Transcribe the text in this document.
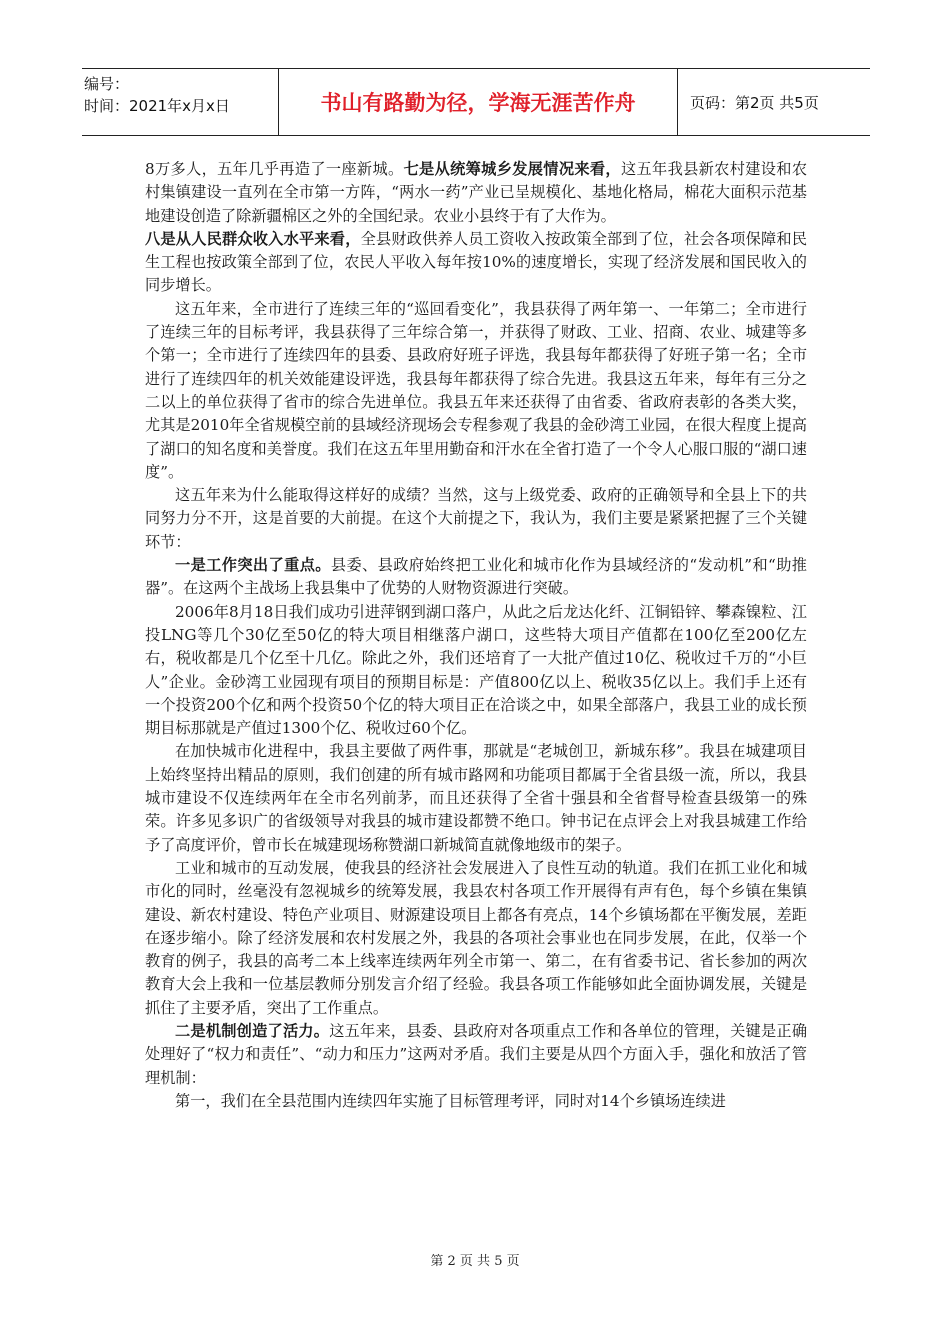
编号：
时间：2021年x月x日	书山有路勤为径，学海无涯苦作舟	页码：第2页 共5页

8万多人，五年几乎再造了一座新城。七是从统筹城乡发展情况来看，这五年我县新农村建设和农村集镇建设一直列在全市第一方阵，“两水一药”产业已呈规模化、基地化格局，棉花大面积示范基地建设创造了除新疆棉区之外的全国纪录。农业小县终于有了大作为。

八是从人民群众收入水平来看，全县财政供养人员工资收入按政策全部到了位，社会各项保障和民生工程也按政策全部到了位，农民人平收入每年按10%的速度增长，实现了经济发展和国民收入的同步增长。

这五年来，全市进行了连续三年的“巡回看变化”，我县获得了两年第一、一年第二；全市进行了连续三年的目标考评，我县获得了三年综合第一，并获得了财政、工业、招商、农业、城建等多个第一；全市进行了连续四年的县委、县政府好班子评选，我县每年都获得了好班子第一名；全市进行了连续四年的机关效能建设评选，我县每年都获得了综合先进。我县这五年来，每年有三分之二以上的单位获得了省市的综合先进单位。我县五年来还获得了由省委、省政府表彰的各类大奖，尤其是2010年全省规模空前的县域经济现场会专程参观了我县的金砂湾工业园，在很大程度上提高了湖口的知名度和美誉度。我们在这五年里用勤奋和汗水在全省打造了一个令人心服口服的“湖口速度”。

这五年来为什么能取得这样好的成绩？当然，这与上级党委、政府的正确领导和全县上下的共同努力分不开，这是首要的大前提。在这个大前提之下，我认为，我们主要是紧紧把握了三个关键环节：

一是工作突出了重点。县委、县政府始终把工业化和城市化作为县域经济的“发动机”和“助推器”。在这两个主战场上我县集中了优势的人财物资源进行突破。

2006年8月18日我们成功引进萍钢到湖口落户，从此之后龙达化纤、江铜铅锌、攀森镍粒、江投LNG等几个30亿至50亿的特大项目相继落户湖口，这些特大项目产值都在100亿至200亿左右，税收都是几个亿至十几亿。除此之外，我们还培育了一大批产值过10亿、税收过千万的“小巨人”企业。金砂湾工业园现有项目的预期目标是：产值800亿以上、税收35亿以上。我们手上还有一个投资200个亿和两个投资50个亿的特大项目正在洽谈之中，如果全部落户，我县工业的成长预期目标那就是产值过1300个亿、税收过60个亿。

在加快城市化进程中，我县主要做了两件事，那就是“老城创卫，新城东移”。我县在城建项目上始终坚持出精品的原则，我们创建的所有城市路网和功能项目都属于全省县级一流，所以，我县城市建设不仅连续两年在全市名列前茅，而且还获得了全省十强县和全省督导检查县级第一的殊荣。许多见多识广的省级领导对我县的城市建设都赞不绝口。钟书记在点评会上对我县城建工作给予了高度评价，曾市长在城建现场称赞湖口新城简直就像地级市的架子。

工业和城市的互动发展，使我县的经济社会发展进入了良性互动的轨道。我们在抓工业化和城市化的同时，丝毫没有忽视城乡的统筹发展，我县农村各项工作开展得有声有色，每个乡镇在集镇建设、新农村建设、特色产业项目、财源建设项目上都各有亮点，14个乡镇场都在平衡发展，差距在逐步缩小。除了经济发展和农村发展之外，我县的各项社会事业也在同步发展，在此，仅举一个教育的例子，我县的高考二本上线率连续两年列全市第一、第二，在有省委书记、省长参加的两次教育大会上我和一位基层教师分别发言介绍了经验。我县各项工作能够如此全面协调发展，关键是抓住了主要矛盾，突出了工作重点。

二是机制创造了活力。这五年来，县委、县政府对各项重点工作和各单位的管理，关键是正确处理好了“权力和责任”、“动力和压力”这两对矛盾。我们主要是从四个方面入手，强化和放活了管理机制：

第一，我们在全县范围内连续四年实施了目标管理考评，同时对14个乡镇场连续进

第 2 页 共 5 页
